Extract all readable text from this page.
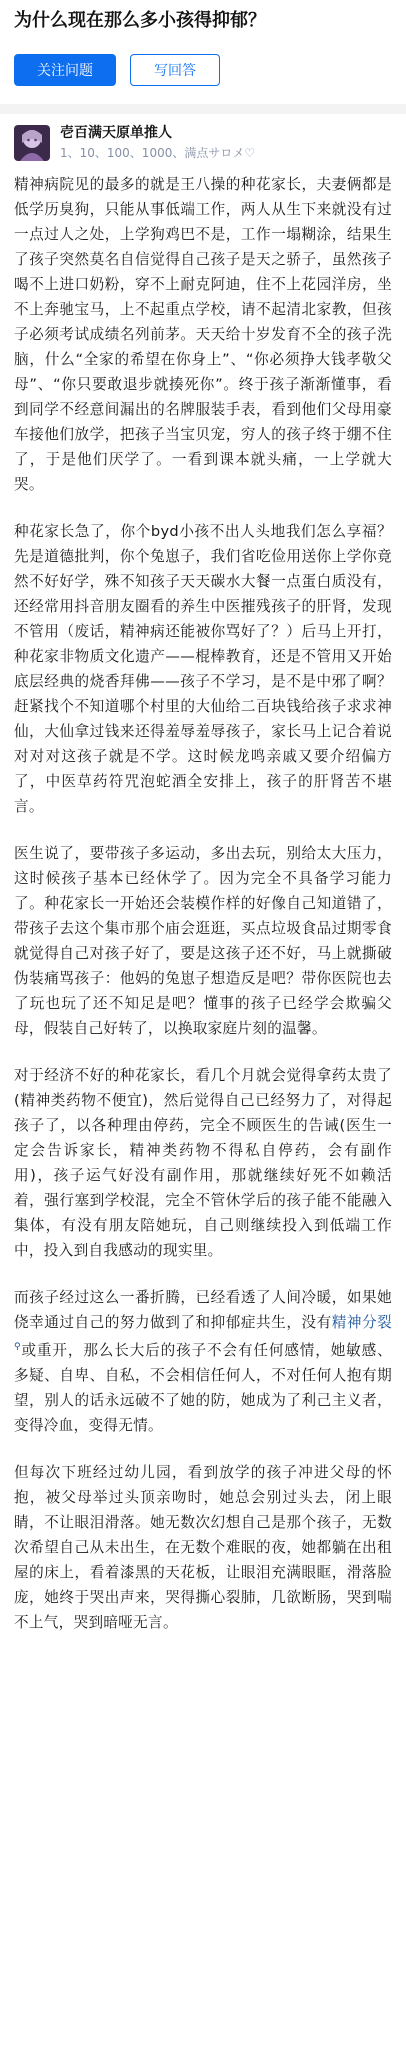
为什么现在那么多小孩得抑郁？
关注问题	写回答
壱百满天原单推人
1、10、100、1000、满点サロメ♡

精神病院见的最多的就是王八操的种花家长，夫妻俩都是低学历臭狗，只能从事低端工作，两人从生下来就没有过一点过人之处，上学狗鸡巴不是，工作一塌糊涂，结果生了孩子突然莫名自信觉得自己孩子是天之骄子，虽然孩子喝不上进口奶粉，穿不上耐克阿迪，住不上花园洋房，坐不上奔驰宝马，上不起重点学校，请不起清北家教，但孩子必须考试成绩名列前茅。天天给十岁发育不全的孩子洗脑，什么“全家的希望在你身上”、“你必须挣大钱孝敬父母”、“你只要敢退步就揍死你”。终于孩子渐渐懂事，看到同学不经意间漏出的名牌服装手表，看到他们父母用豪车接他们放学，把孩子当宝贝宠，穷人的孩子终于绷不住了，于是他们厌学了。一看到课本就头痛，一上学就大哭。

种花家长急了，你个byd小孩不出人头地我们怎么享福？先是道德批判，你个兔崽子，我们省吃俭用送你上学你竟然不好好学，殊不知孩子天天碳水大餐一点蛋白质没有，还经常用抖音朋友圈看的养生中医摧残孩子的肝肾，发现不管用（废话，精神病还能被你骂好了？）后马上开打，种花家非物质文化遗产——棍棒教育，还是不管用又开始底层经典的烧香拜佛——孩子不学习，是不是中邪了啊？赶紧找个不知道哪个村里的大仙给二百块钱给孩子求求神仙，大仙拿过钱来还得羞辱羞辱孩子，家长马上记合着说对对对这孩子就是不学。这时候龙鸣亲戚又要介绍偏方了，中医草药符咒泡蛇酒全安排上，孩子的肝肾苦不堪言。

医生说了，要带孩子多运动，多出去玩，别给太大压力，这时候孩子基本已经休学了。因为完全不具备学习能力了。种花家长一开始还会装模作样的好像自己知道错了，带孩子去这个集市那个庙会逛逛，买点垃圾食品过期零食就觉得自己对孩子好了，要是这孩子还不好，马上就撕破伪装痛骂孩子：他妈的兔崽子想造反是吧？带你医院也去了玩也玩了还不知足是吧？懂事的孩子已经学会欺骗父母，假装自己好转了，以换取家庭片刻的温馨。

对于经济不好的种花家长，看几个月就会觉得拿药太贵了(精神类药物不便宜)，然后觉得自己已经努力了，对得起孩子了，以各种理由停药，完全不顾医生的告诫(医生一定会告诉家长，精神类药物不得私自停药，会有副作用)，孩子运气好没有副作用，那就继续好死不如赖活着，强行塞到学校混，完全不管休学后的孩子能不能融入集体，有没有朋友陪她玩，自己则继续投入到低端工作中，投入到自我感动的现实里。

而孩子经过这么一番折腾，已经看透了人间冷暖，如果她侥幸通过自己的努力做到了和抑郁症共生，没有精神分裂⚲或重开，那么长大后的孩子不会有任何感情，她敏感、多疑、自卑、自私，不会相信任何人，不对任何人抱有期望，别人的话永远破不了她的防，她成为了利己主义者，变得冷血，变得无情。

但每次下班经过幼儿园，看到放学的孩子冲进父母的怀抱，被父母举过头顶亲吻时，她总会别过头去，闭上眼睛，不让眼泪滑落。她无数次幻想自己是那个孩子，无数次希望自己从未出生，在无数个难眠的夜，她都躺在出租屋的床上，看着漆黑的天花板，让眼泪充满眼眶，滑落脸庞，她终于哭出声来，哭得撕心裂肺，几欲断肠，哭到喘不上气，哭到暗哑无言。
